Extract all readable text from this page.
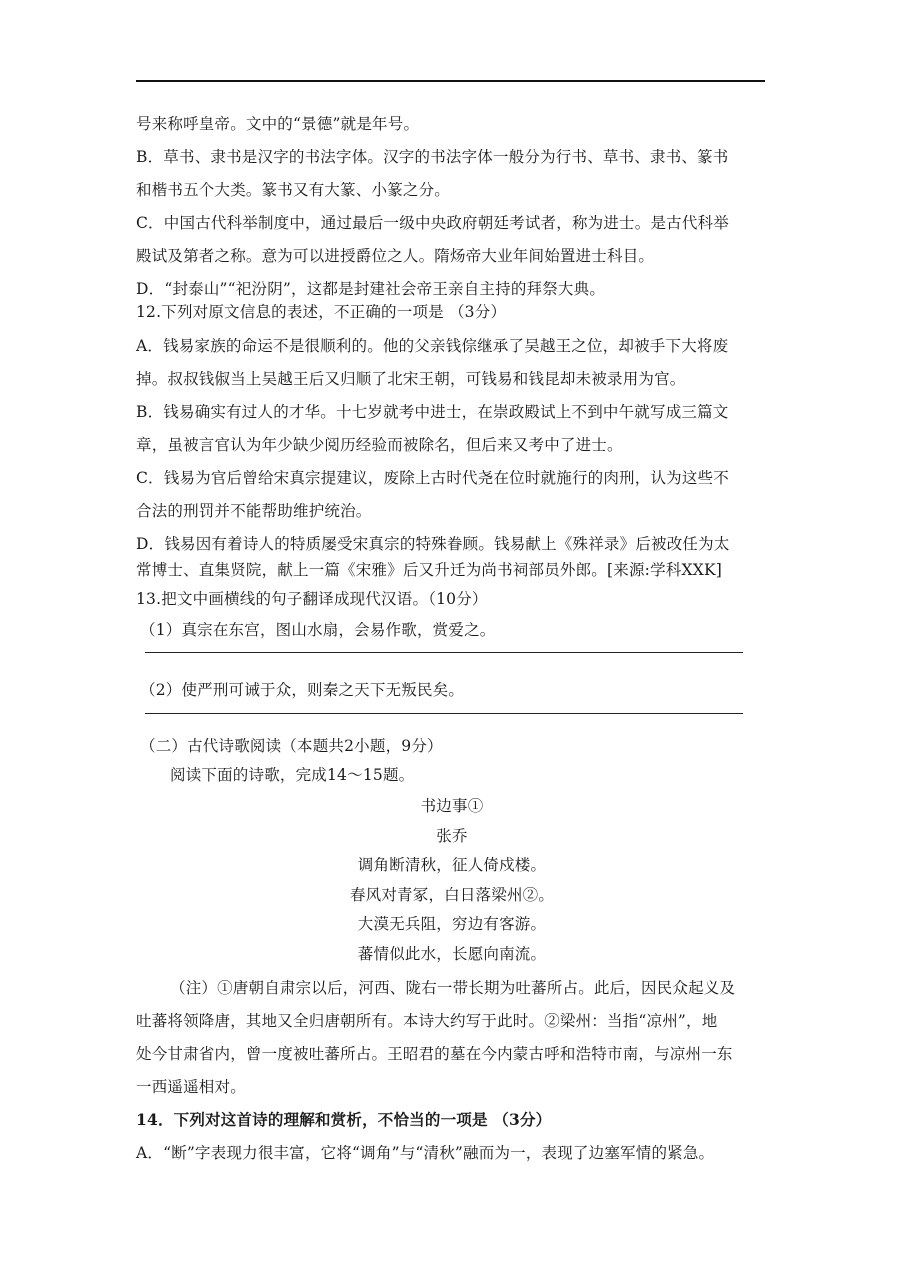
号来称呼皇帝。文中的“景德”就是年号。
B．草书、隶书是汉字的书法字体。汉字的书法字体一般分为行书、草书、隶书、篆书
和楷书五个大类。篆书又有大篆、小篆之分。
C．中国古代科举制度中，通过最后一级中央政府朝廷考试者，称为进士。是古代科举
殿试及第者之称。意为可以进授爵位之人。隋炀帝大业年间始置进士科目。
D．“封泰山”“祀汾阴”，这都是封建社会帝王亲自主持的拜祭大典。
12.下列对原文信息的表述，不正确的一项是 （3分）
A．钱易家族的命运不是很顺利的。他的父亲钱倧继承了吴越王之位，却被手下大将废
掉。叔叔钱俶当上吴越王后又归顺了北宋王朝，可钱易和钱昆却未被录用为官。
B．钱易确实有过人的才华。十七岁就考中进士，在崇政殿试上不到中午就写成三篇文
章，虽被言官认为年少缺少阅历经验而被除名，但后来又考中了进士。
C．钱易为官后曾给宋真宗提建议，废除上古时代尧在位时就施行的肉刑，认为这些不
合法的刑罚并不能帮助维护统治。
D．钱易因有着诗人的特质屡受宋真宗的特殊眷顾。钱易献上《殊祥录》后被改任为太
常博士、直集贤院，献上一篇《宋雅》后又升迁为尚书祠部员外郎。[来源:学科XXK]
13.把文中画横线的句子翻译成现代汉语。（10分）
（1）真宗在东宫，图山水扇，会易作歌，赏爱之。
（2）使严刑可诫于众，则秦之天下无叛民矣。
（二）古代诗歌阅读（本题共2小题，9分）
阅读下面的诗歌，完成14～15题。
书边事①
张乔
调角断清秋，征人倚戍楼。
春风对青冢，白日落梁州②。
大漠无兵阻，穷边有客游。
蕃情似此水，长愿向南流。
（注）①唐朝自肃宗以后，河西、陇右一带长期为吐蕃所占。此后，因民众起义及
吐蕃将领降唐，其地又全归唐朝所有。本诗大约写于此时。②梁州：当指“凉州”，地
处今甘肃省内，曾一度被吐蕃所占。王昭君的墓在今内蒙古呼和浩特市南，与凉州一东
一西遥遥相对。
14．下列对这首诗的理解和赏析，不恰当的一项是 （3分）
A．“断”字表现力很丰富，它将“调角”与“清秋”融而为一，表现了边塞军情的紧急。
